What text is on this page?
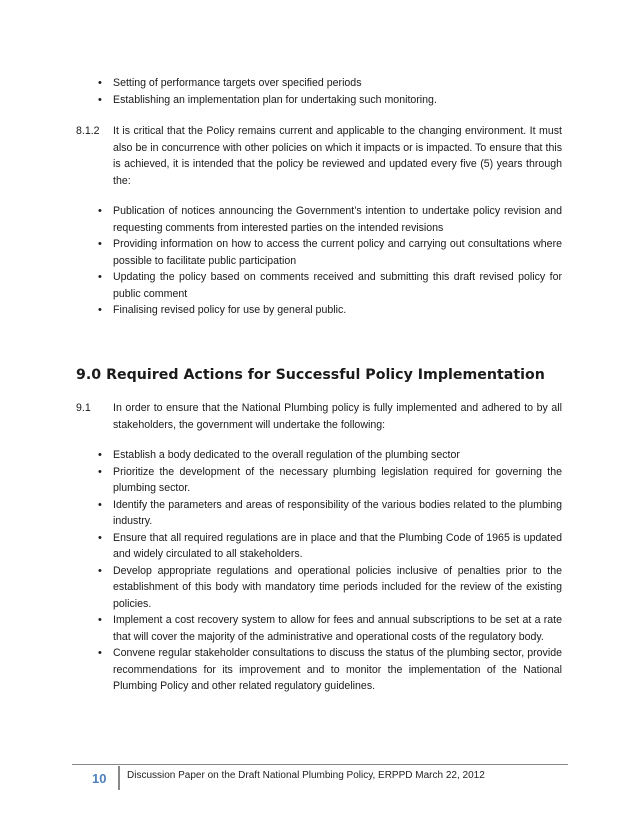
• Setting of performance targets over specified periods
• Establishing an implementation plan for undertaking such monitoring.
8.1.2 It is critical that the Policy remains current and applicable to the changing environment. It must also be in concurrence with other policies on which it impacts or is impacted. To ensure that this is achieved, it is intended that the policy be reviewed and updated every five (5) years through the:
• Publication of notices announcing the Government’s intention to undertake policy revision and requesting comments from interested parties on the intended revisions
• Providing information on how to access the current policy and carrying out consultations where possible to facilitate public participation
• Updating the policy based on comments received and submitting this draft revised policy for public comment
• Finalising revised policy for use by general public.
9.0 Required Actions for Successful Policy Implementation
9.1 In order to ensure that the National Plumbing policy is fully implemented and adhered to by all stakeholders, the government will undertake the following:
• Establish a body dedicated to the overall regulation of the plumbing sector
• Prioritize the development of the necessary plumbing legislation required for governing the plumbing sector.
• Identify the parameters and areas of responsibility of the various bodies related to the plumbing industry.
• Ensure that all required regulations are in place and that the Plumbing Code of 1965 is updated and widely circulated to all stakeholders.
• Develop appropriate regulations and operational policies inclusive of penalties prior to the establishment of this body with mandatory time periods included for the review of the existing policies.
• Implement a cost recovery system to allow for fees and annual subscriptions to be set at a rate that will cover the majority of the administrative and operational costs of the regulatory body.
• Convene regular stakeholder consultations to discuss the status of the plumbing sector, provide recommendations for its improvement and to monitor the implementation of the National Plumbing Policy and other related regulatory guidelines.
10 Discussion Paper on the Draft National Plumbing Policy, ERPPD March 22, 2012
